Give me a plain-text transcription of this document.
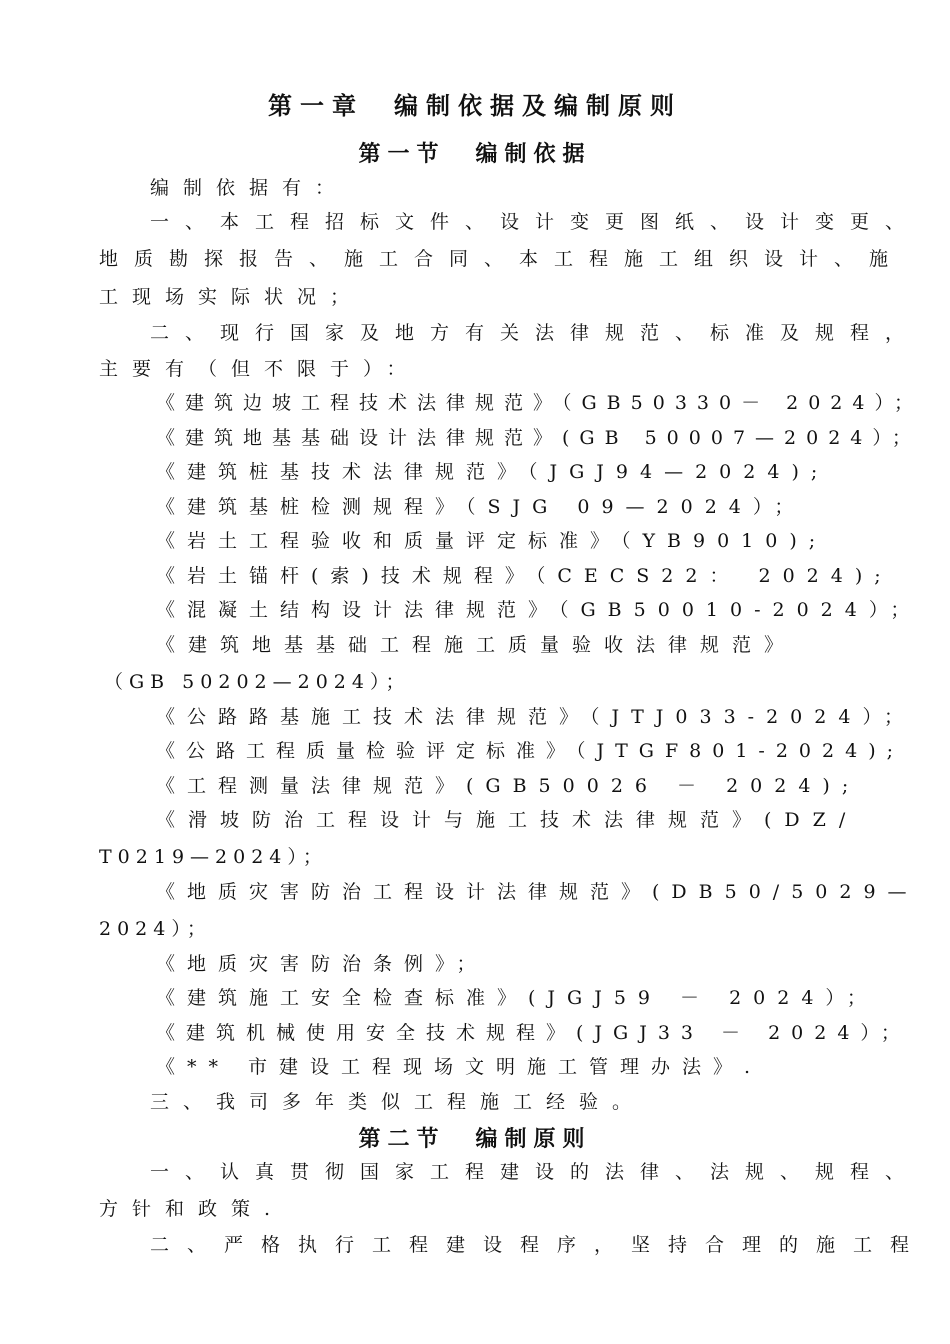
第一章 编制依据及编制原则
第一节 编制依据
编制依据有：
一、本工程招标文件、设计变更图纸、设计变更、
地质勘探报告、施工合同、本工程施工组织设计、施
工现场实际状况；
二、现行国家及地方有关法律规范、标准及规程，
主要有（但不限于）：
《建筑边坡工程技术法律规范》（GB50330－ 2024）；
《建筑地基基础设计法律规范》(GB 50007—2024）；
《建筑桩基技术法律规范》（JGJ94—2024);
《建筑基桩检测规程》（SJG 09—2024）；
《岩土工程验收和质量评定标准》（YB9010);
《岩土锚杆(索)技术规程》（CECS22： 2024);
《混凝土结构设计法律规范》（GB50010-2024）；
《建筑地基基础工程施工质量验收法律规范》
（GB 50202—2024）；
《公路路基施工技术法律规范》（JTJ033-2024）；
《公路工程质量检验评定标准》（JTGF801-2024);
《工程测量法律规范》(GB50026 － 2024);
《滑坡防治工程设计与施工技术法律规范》(DZ/
T0219—2024）；
《地质灾害防治工程设计法律规范》(DB50/5029—
2024）；
《地质灾害防治条例》；
《建筑施工安全检查标准》(JGJ59 － 2024）；
《建筑机械使用安全技术规程》(JGJ33 － 2024）；
《** 市建设工程现场文明施工管理办法》.
三、我司多年类似工程施工经验。
第二节 编制原则
一、认真贯彻国家工程建设的法律、法规、规程、
方针和政策.
二、严格执行工程建设程序，坚持合理的施工程
